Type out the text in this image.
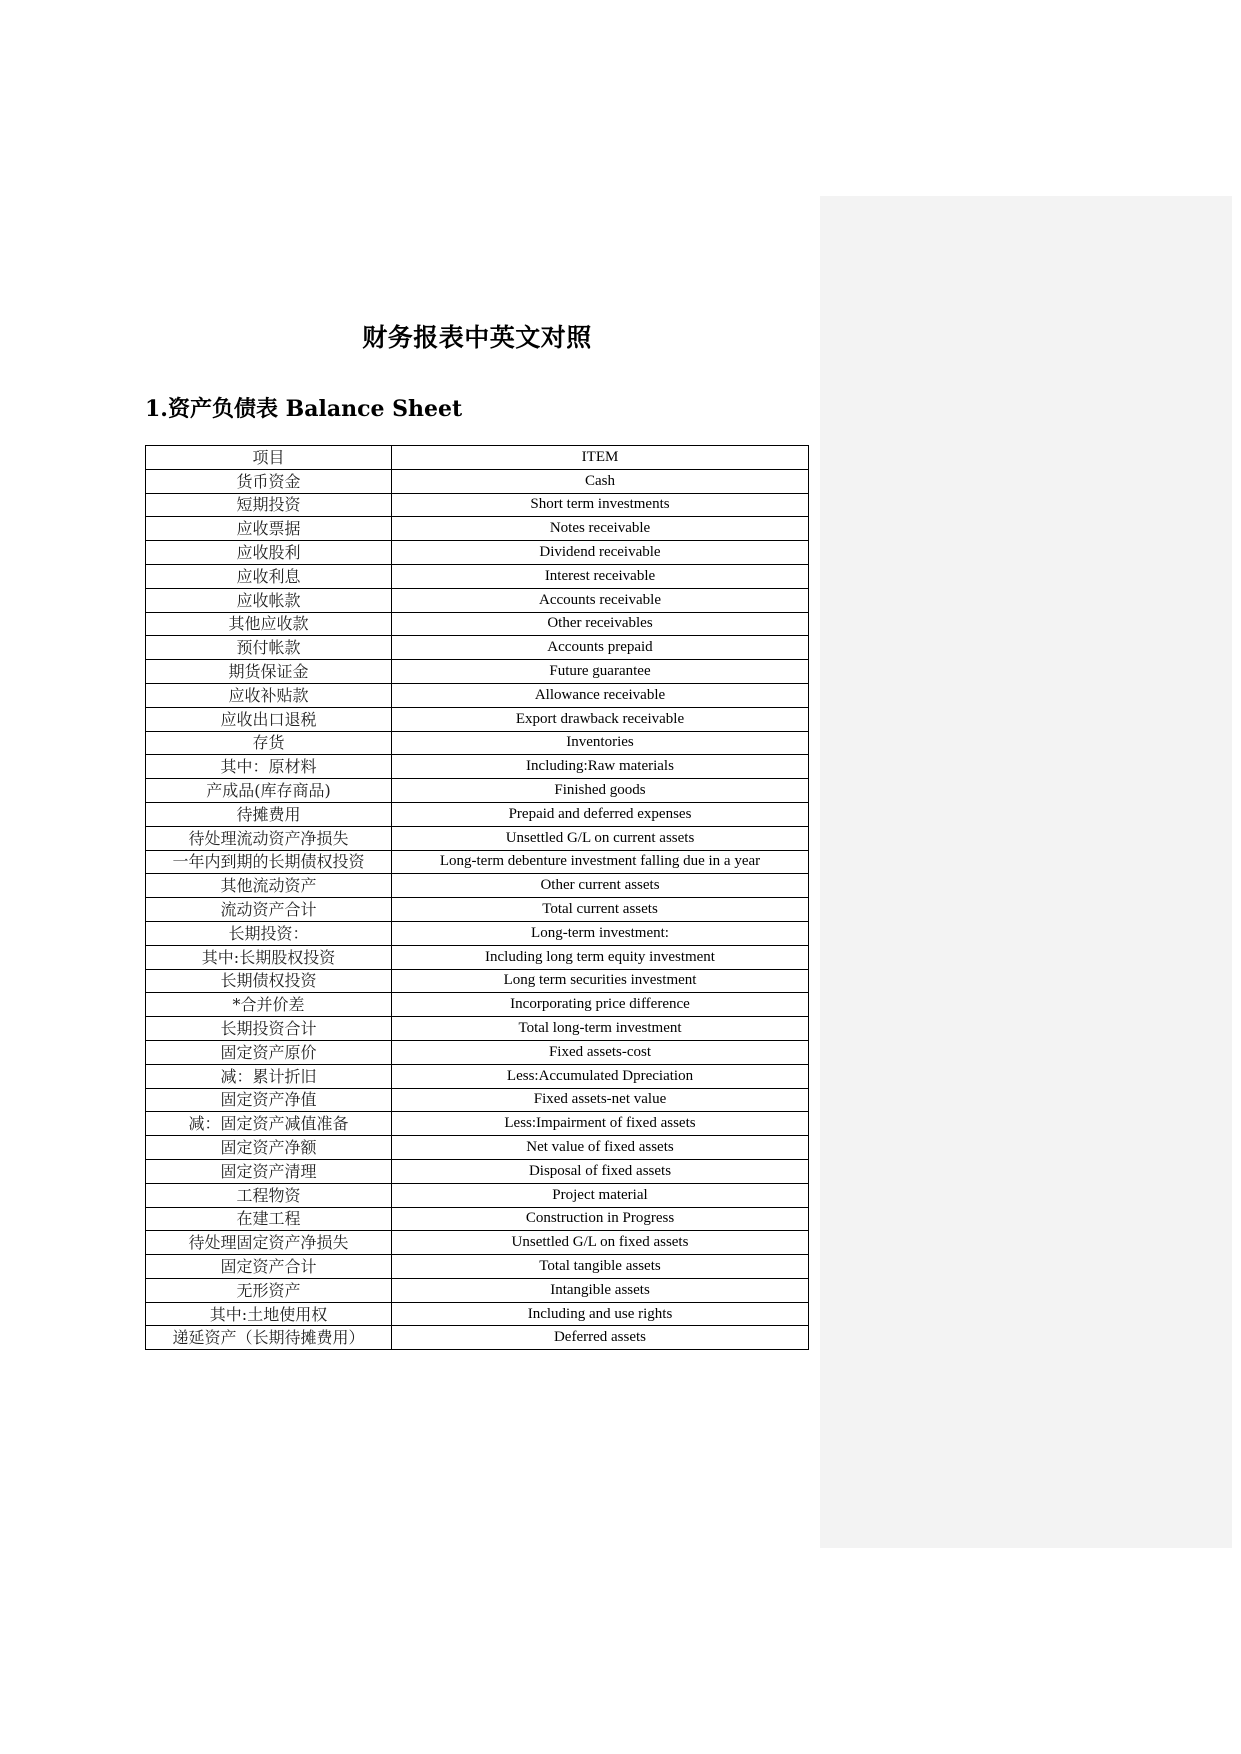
财务报表中英文对照
1.资产负债表 Balance Sheet
项目	ITEM
货币资金	Cash
短期投资	Short term investments
应收票据	Notes receivable
应收股利	Dividend receivable
应收利息	Interest receivable
应收帐款	Accounts receivable
其他应收款	Other receivables
预付帐款	Accounts prepaid
期货保证金	Future guarantee
应收补贴款	Allowance receivable
应收出口退税	Export drawback receivable
存货	Inventories
其中：原材料	Including:Raw materials
产成品(库存商品)	Finished goods
待摊费用	Prepaid and deferred expenses
待处理流动资产净损失	Unsettled G/L on current assets
一年内到期的长期债权投资	Long-term debenture investment falling due in a year
其他流动资产	Other current assets
流动资产合计	Total current assets
长期投资：	Long-term investment:
其中:长期股权投资	Including long term equity investment
长期债权投资	Long term securities investment
*合并价差	Incorporating price difference
长期投资合计	Total long-term investment
固定资产原价	Fixed assets-cost
减：累计折旧	Less:Accumulated Dpreciation
固定资产净值	Fixed assets-net value
减：固定资产减值准备	Less:Impairment of fixed assets
固定资产净额	Net value of fixed assets
固定资产清理	Disposal of fixed assets
工程物资	Project material
在建工程	Construction in Progress
待处理固定资产净损失	Unsettled G/L on fixed assets
固定资产合计	Total tangible assets
无形资产	Intangible assets
其中:土地使用权	Including and use rights
递延资产（长期待摊费用）	Deferred assets
